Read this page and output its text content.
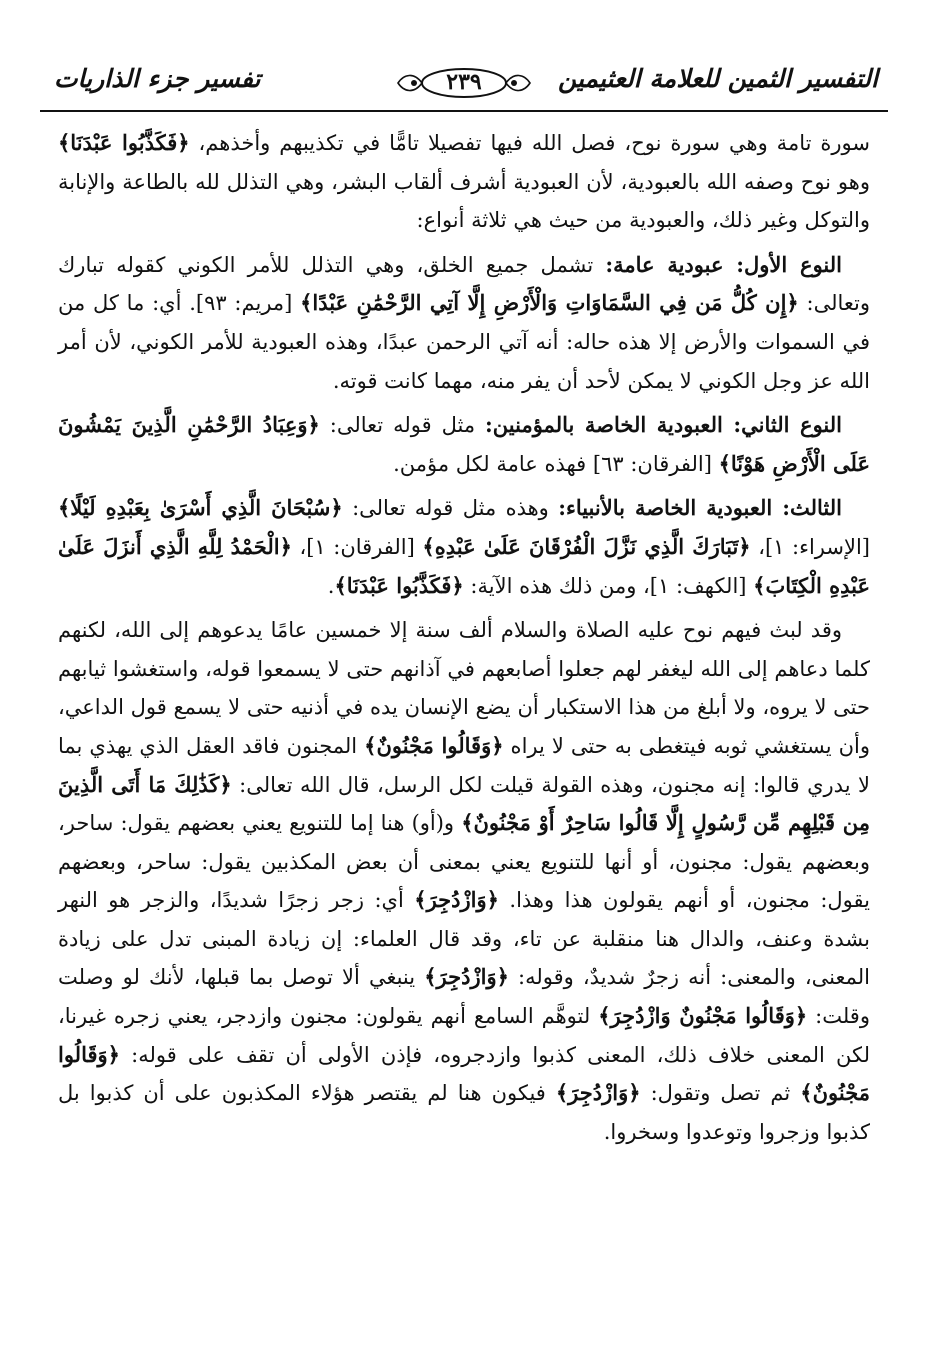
التفسير الثمين للعلامة العثيمين
٢٣٩
تفسير جزء الذاريات

سورة تامة وهي سورة نوح، فصل الله فيها تفصيلا تامًّا في تكذيبهم وأخذهم، ﴿فَكَذَّبُوا عَبْدَنَا﴾ وهو نوح وصفه الله بالعبودية، لأن العبودية أشرف ألقاب البشر، وهي التذلل لله بالطاعة والإنابة والتوكل وغير ذلك، والعبودية من حيث هي ثلاثة أنواع:

النوع الأول: عبودية عامة: تشمل جميع الخلق، وهي التذلل للأمر الكوني كقوله تبارك وتعالى: ﴿إِن كُلُّ مَن فِي السَّمَاوَاتِ وَالْأَرْضِ إِلَّا آتِي الرَّحْمَٰنِ عَبْدًا﴾ [مريم: ٩٣]. أي: ما كل من في السموات والأرض إلا هذه حاله: أنه آتي الرحمن عبدًا، وهذه العبودية للأمر الكوني، لأن أمر الله عز وجل الكوني لا يمكن لأحد أن يفر منه، مهما كانت قوته.

النوع الثاني: العبودية الخاصة بالمؤمنين: مثل قوله تعالى: ﴿وَعِبَادُ الرَّحْمَٰنِ الَّذِينَ يَمْشُونَ عَلَى الْأَرْضِ هَوْنًا﴾ [الفرقان: ٦٣] فهذه عامة لكل مؤمن.

الثالث: العبودية الخاصة بالأنبياء: وهذه مثل قوله تعالى: ﴿سُبْحَانَ الَّذِي أَسْرَىٰ بِعَبْدِهِ لَيْلًا﴾ [الإسراء: ١]، ﴿تَبَارَكَ الَّذِي نَزَّلَ الْفُرْقَانَ عَلَىٰ عَبْدِهِ﴾ [الفرقان: ١]، ﴿الْحَمْدُ لِلَّهِ الَّذِي أَنزَلَ عَلَىٰ عَبْدِهِ الْكِتَابَ﴾ [الكهف: ١]، ومن ذلك هذه الآية: ﴿فَكَذَّبُوا عَبْدَنَا﴾.

وقد لبث فيهم نوح عليه الصلاة والسلام ألف سنة إلا خمسين عامًا يدعوهم إلى الله، لكنهم كلما دعاهم إلى الله ليغفر لهم جعلوا أصابعهم في آذانهم حتى لا يسمعوا قوله، واستغشوا ثيابهم حتى لا يروه، ولا أبلغ من هذا الاستكبار أن يضع الإنسان يده في أذنيه حتى لا يسمع قول الداعي، وأن يستغشي ثوبه فيتغطى به حتى لا يراه ﴿وَقَالُوا مَجْنُونٌ﴾ المجنون فاقد العقل الذي يهذي بما لا يدري قالوا: إنه مجنون، وهذه القولة قيلت لكل الرسل، قال الله تعالى: ﴿كَذَٰلِكَ مَا أَتَى الَّذِينَ مِن قَبْلِهِم مِّن رَّسُولٍ إِلَّا قَالُوا سَاحِرٌ أَوْ مَجْنُونٌ﴾ و(أو) هنا إما للتنويع يعني بعضهم يقول: ساحر، وبعضهم يقول: مجنون، أو أنها للتنويع يعني بمعنى أن بعض المكذبين يقول: ساحر، وبعضهم يقول: مجنون، أو أنهم يقولون هذا وهذا. ﴿وَازْدُجِرَ﴾ أي: زجر زجرًا شديدًا، والزجر هو النهر بشدة وعنف، والدال هنا منقلبة عن تاء، وقد قال العلماء: إن زيادة المبنى تدل على زيادة المعنى، والمعنى: أنه زجرٌ شديدٌ، وقوله: ﴿وَازْدُجِرَ﴾ ينبغي ألا توصل بما قبلها، لأنك لو وصلت وقلت: ﴿وَقَالُوا مَجْنُونٌ وَازْدُجِرَ﴾ لتوهَّم السامع أنهم يقولون: مجنون وازدجر، يعني زجره غيرنا، لكن المعنى خلاف ذلك، المعنى كذبوا وازدجروه، فإذن الأولى أن تقف على قوله: ﴿وَقَالُوا مَجْنُونٌ﴾ ثم تصل وتقول: ﴿وَازْدُجِرَ﴾ فيكون هنا لم يقتصر هؤلاء المكذبون على أن كذبوا بل كذبوا وزجروا وتوعدوا وسخروا.
